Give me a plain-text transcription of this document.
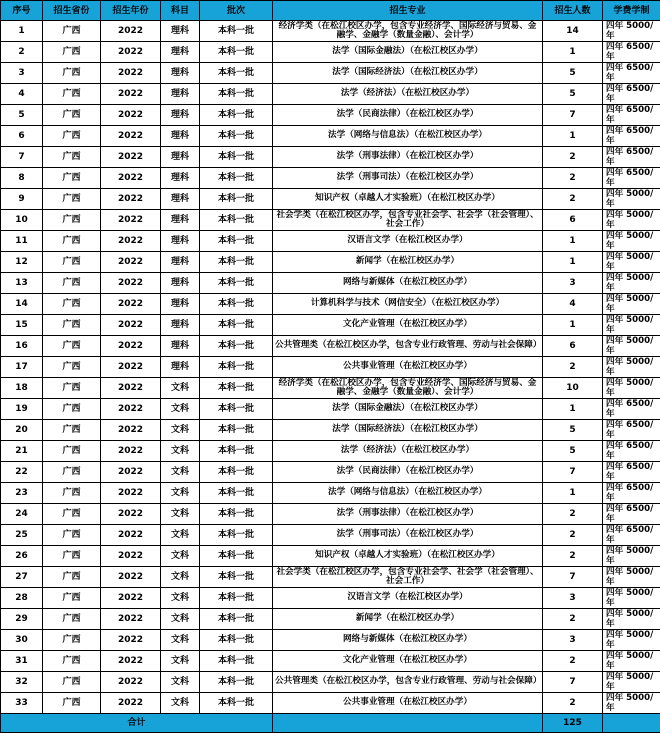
序号	招生省份	招生年份	科目	批次	招生专业	招生人数	学费学制
1	广西	2022	理科	本科一批	经济学类（在松江校区办学，包含专业经济学、国际经济与贸易、金融学、金融学（数量金融）、会计学）	14	四年 5000/年
2	广西	2022	理科	本科一批	法学（国际金融法）（在松江校区办学）	1	四年 6500/年
3	广西	2022	理科	本科一批	法学（国际经济法）（在松江校区办学）	5	四年 6500/年
4	广西	2022	理科	本科一批	法学（经济法）（在松江校区办学）	5	四年 6500/年
5	广西	2022	理科	本科一批	法学（民商法律）（在松江校区办学）	7	四年 6500/年
6	广西	2022	理科	本科一批	法学（网络与信息法）（在松江校区办学）	1	四年 6500/年
7	广西	2022	理科	本科一批	法学（刑事法律）（在松江校区办学）	2	四年 6500/年
8	广西	2022	理科	本科一批	法学（刑事司法）（在松江校区办学）	2	四年 6500/年
9	广西	2022	理科	本科一批	知识产权（卓越人才实验班）（在松江校区办学）	2	四年 5000/年
10	广西	2022	理科	本科一批	社会学类（在松江校区办学，包含专业社会学、社会学（社会管理）、社会工作）	6	四年 5000/年
11	广西	2022	理科	本科一批	汉语言文学（在松江校区办学）	1	四年 5000/年
12	广西	2022	理科	本科一批	新闻学（在松江校区办学）	1	四年 5000/年
13	广西	2022	理科	本科一批	网络与新媒体（在松江校区办学）	3	四年 5000/年
14	广西	2022	理科	本科一批	计算机科学与技术（网信安全）（在松江校区办学）	4	四年 5000/年
15	广西	2022	理科	本科一批	文化产业管理（在松江校区办学）	1	四年 5000/年
16	广西	2022	理科	本科一批	公共管理类（在松江校区办学，包含专业行政管理、劳动与社会保障）	6	四年 5000/年
17	广西	2022	理科	本科一批	公共事业管理（在松江校区办学）	2	四年 5000/年
18	广西	2022	文科	本科一批	经济学类（在松江校区办学，包含专业经济学、国际经济与贸易、金融学、金融学（数量金融）、会计学）	10	四年 5000/年
19	广西	2022	文科	本科一批	法学（国际金融法）（在松江校区办学）	1	四年 6500/年
20	广西	2022	文科	本科一批	法学（国际经济法）（在松江校区办学）	5	四年 6500/年
21	广西	2022	文科	本科一批	法学（经济法）（在松江校区办学）	5	四年 6500/年
22	广西	2022	文科	本科一批	法学（民商法律）（在松江校区办学）	7	四年 6500/年
23	广西	2022	文科	本科一批	法学（网络与信息法）（在松江校区办学）	1	四年 6500/年
24	广西	2022	文科	本科一批	法学（刑事法律）（在松江校区办学）	2	四年 6500/年
25	广西	2022	文科	本科一批	法学（刑事司法）（在松江校区办学）	2	四年 6500/年
26	广西	2022	文科	本科一批	知识产权（卓越人才实验班）（在松江校区办学）	2	四年 5000/年
27	广西	2022	文科	本科一批	社会学类（在松江校区办学，包含专业社会学、社会学（社会管理）、社会工作）	7	四年 5000/年
28	广西	2022	文科	本科一批	汉语言文学（在松江校区办学）	3	四年 5000/年
29	广西	2022	文科	本科一批	新闻学（在松江校区办学）	2	四年 5000/年
30	广西	2022	文科	本科一批	网络与新媒体（在松江校区办学）	3	四年 5000/年
31	广西	2022	文科	本科一批	文化产业管理（在松江校区办学）	2	四年 5000/年
32	广西	2022	文科	本科一批	公共管理类（在松江校区办学，包含专业行政管理、劳动与社会保障）	7	四年 5000/年
33	广西	2022	文科	本科一批	公共事业管理（在松江校区办学）	2	四年 5000/年
合计						125	
